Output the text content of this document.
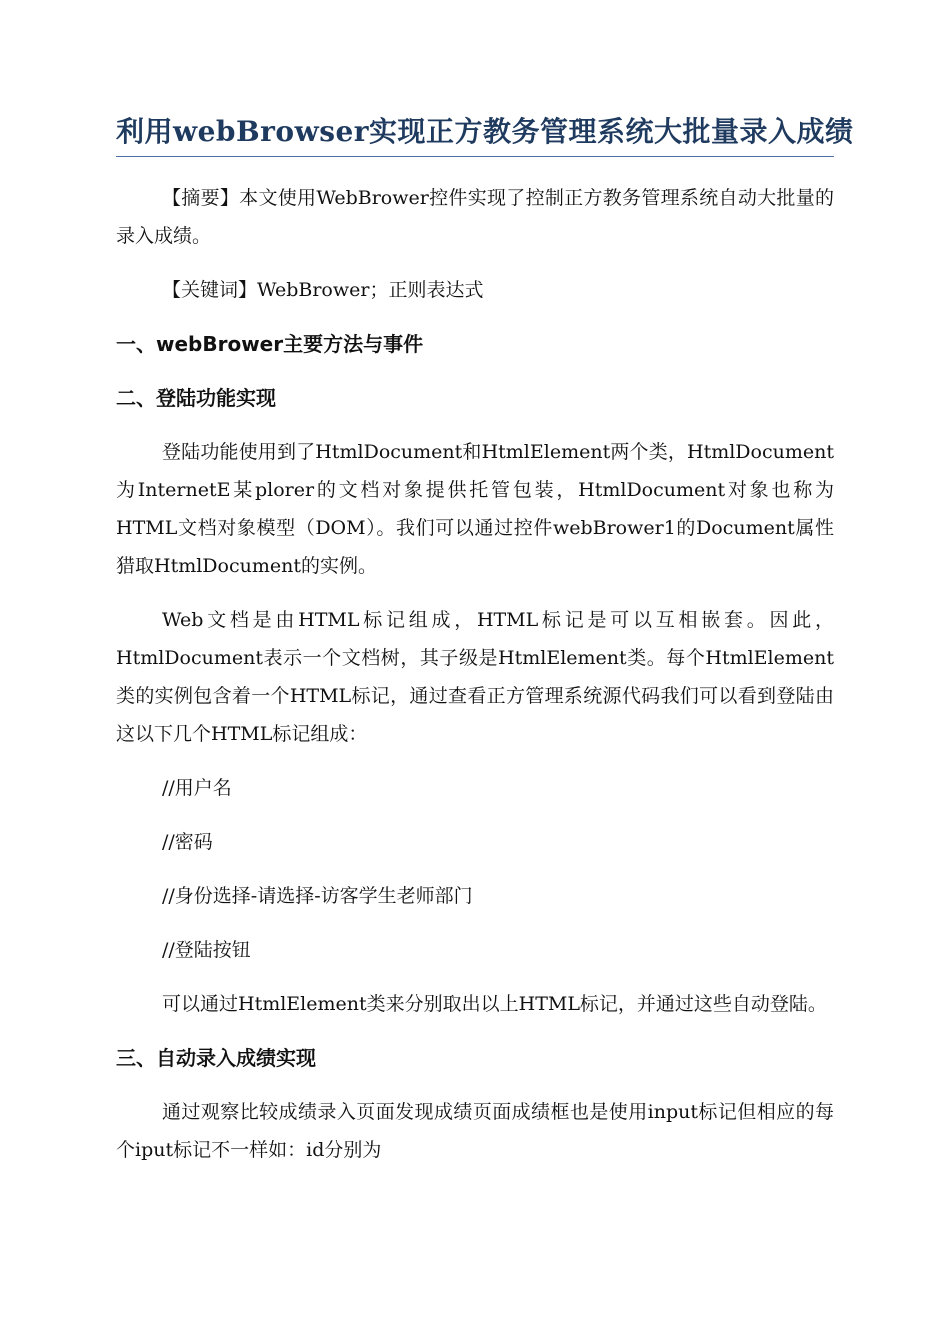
利用webBrowser实现正方教务管理系统大批量录入成绩

【摘要】本文使用WebBrower控件实现了控制正方教务管理系统自动大批量的录入成绩。

【关键词】WebBrower；正则表达式

一、webBrower主要方法与事件
二、登陆功能实现

登陆功能使用到了HtmlDocument和HtmlElement两个类，HtmlDocument为InternetE某plorer的文档对象提供托管包装，HtmlDocument对象也称为HTML文档对象模型（DOM）。我们可以通过控件webBrower1的Document属性猎取HtmlDocument的实例。

Web文档是由HTML标记组成，HTML标记是可以互相嵌套。因此，HtmlDocument表示一个文档树，其子级是HtmlElement类。每个HtmlElement类的实例包含着一个HTML标记，通过查看正方管理系统源代码我们可以看到登陆由这以下几个HTML标记组成：

//用户名

//密码

//身份选择-请选择-访客学生老师部门

//登陆按钮

可以通过HtmlElement类来分别取出以上HTML标记，并通过这些自动登陆。

三、自动录入成绩实现

通过观察比较成绩录入页面发现成绩页面成绩框也是使用input标记但相应的每个iput标记不一样如：id分别为
